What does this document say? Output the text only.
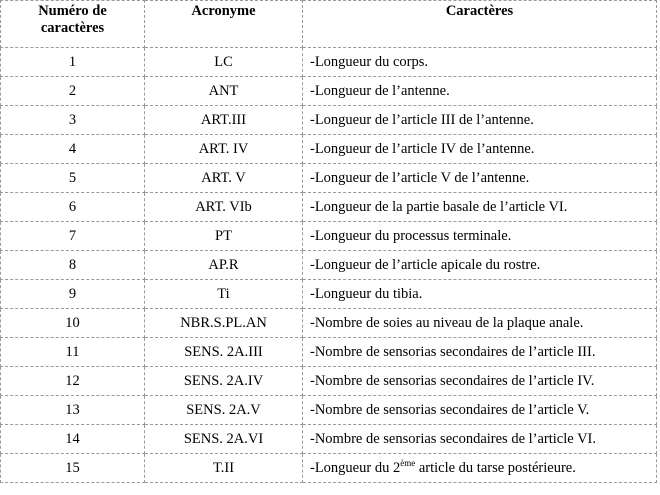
Numéro de caractères	Acronyme	Caractères
1	LC	-Longueur du corps.
2	ANT	-Longueur de l’antenne.
3	ART.III	-Longueur de l’article III de l’antenne.
4	ART. IV	-Longueur de l’article IV de l’antenne.
5	ART. V	-Longueur de l’article V de l’antenne.
6	ART. VIb	-Longueur de la partie basale de l’article VI.
7	PT	-Longueur du processus terminale.
8	AP.R	-Longueur de l’article apicale du rostre.
9	Ti	-Longueur du tibia.
10	NBR.S.PL.AN	-Nombre de soies au niveau de la plaque anale.
11	SENS. 2A.III	-Nombre de sensorias secondaires de l’article III.
12	SENS. 2A.IV	-Nombre de sensorias secondaires de l’article IV.
13	SENS. 2A.V	-Nombre de sensorias secondaires de l’article V.
14	SENS. 2A.VI	-Nombre de sensorias secondaires de l’article VI.
15	T.II	-Longueur du 2ème article du tarse postérieure.
